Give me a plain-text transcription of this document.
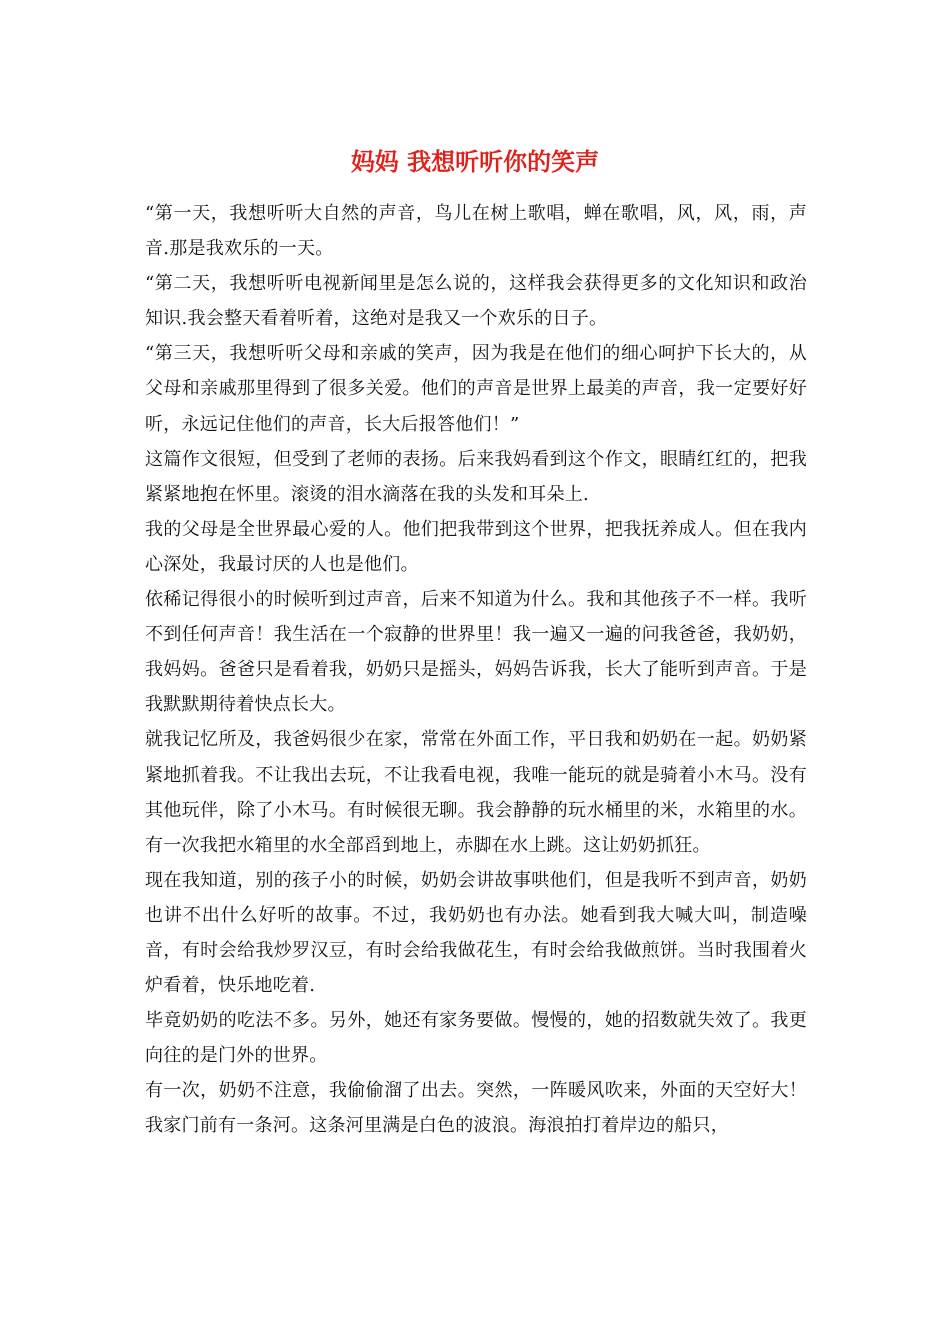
妈妈 我想听听你的笑声

“第一天，我想听听大自然的声音，鸟儿在树上歌唱，蝉在歌唱，风，风，雨，声音.那是我欢乐的一天。

“第二天，我想听听电视新闻里是怎么说的，这样我会获得更多的文化知识和政治知识.我会整天看着听着，这绝对是我又一个欢乐的日子。

“第三天，我想听听父母和亲戚的笑声，因为我是在他们的细心呵护下长大的，从父母和亲戚那里得到了很多关爱。他们的声音是世界上最美的声音，我一定要好好听，永远记住他们的声音，长大后报答他们！”

这篇作文很短，但受到了老师的表扬。后来我妈看到这个作文，眼睛红红的，把我紧紧地抱在怀里。滚烫的泪水滴落在我的头发和耳朵上.

我的父母是全世界最心爱的人。他们把我带到这个世界，把我抚养成人。但在我内心深处，我最讨厌的人也是他们。

依稀记得很小的时候听到过声音，后来不知道为什么。我和其他孩子不一样。我听不到任何声音！我生活在一个寂静的世界里！我一遍又一遍的问我爸爸，我奶奶，我妈妈。爸爸只是看着我，奶奶只是摇头，妈妈告诉我，长大了能听到声音。于是我默默期待着快点长大。

就我记忆所及，我爸妈很少在家，常常在外面工作，平日我和奶奶在一起。奶奶紧紧地抓着我。不让我出去玩，不让我看电视，我唯一能玩的就是骑着小木马。没有其他玩伴，除了小木马。有时候很无聊。我会静静的玩水桶里的米，水箱里的水。有一次我把水箱里的水全部舀到地上，赤脚在水上跳。这让奶奶抓狂。

现在我知道，别的孩子小的时候，奶奶会讲故事哄他们，但是我听不到声音，奶奶也讲不出什么好听的故事。不过，我奶奶也有办法。她看到我大喊大叫，制造噪音，有时会给我炒罗汉豆，有时会给我做花生，有时会给我做煎饼。当时我围着火炉看着，快乐地吃着.

毕竟奶奶的吃法不多。另外，她还有家务要做。慢慢的，她的招数就失效了。我更向往的是门外的世界。

有一次，奶奶不注意，我偷偷溜了出去。突然，一阵暖风吹来，外面的天空好大！我家门前有一条河。这条河里满是白色的波浪。海浪拍打着岸边的船只，
